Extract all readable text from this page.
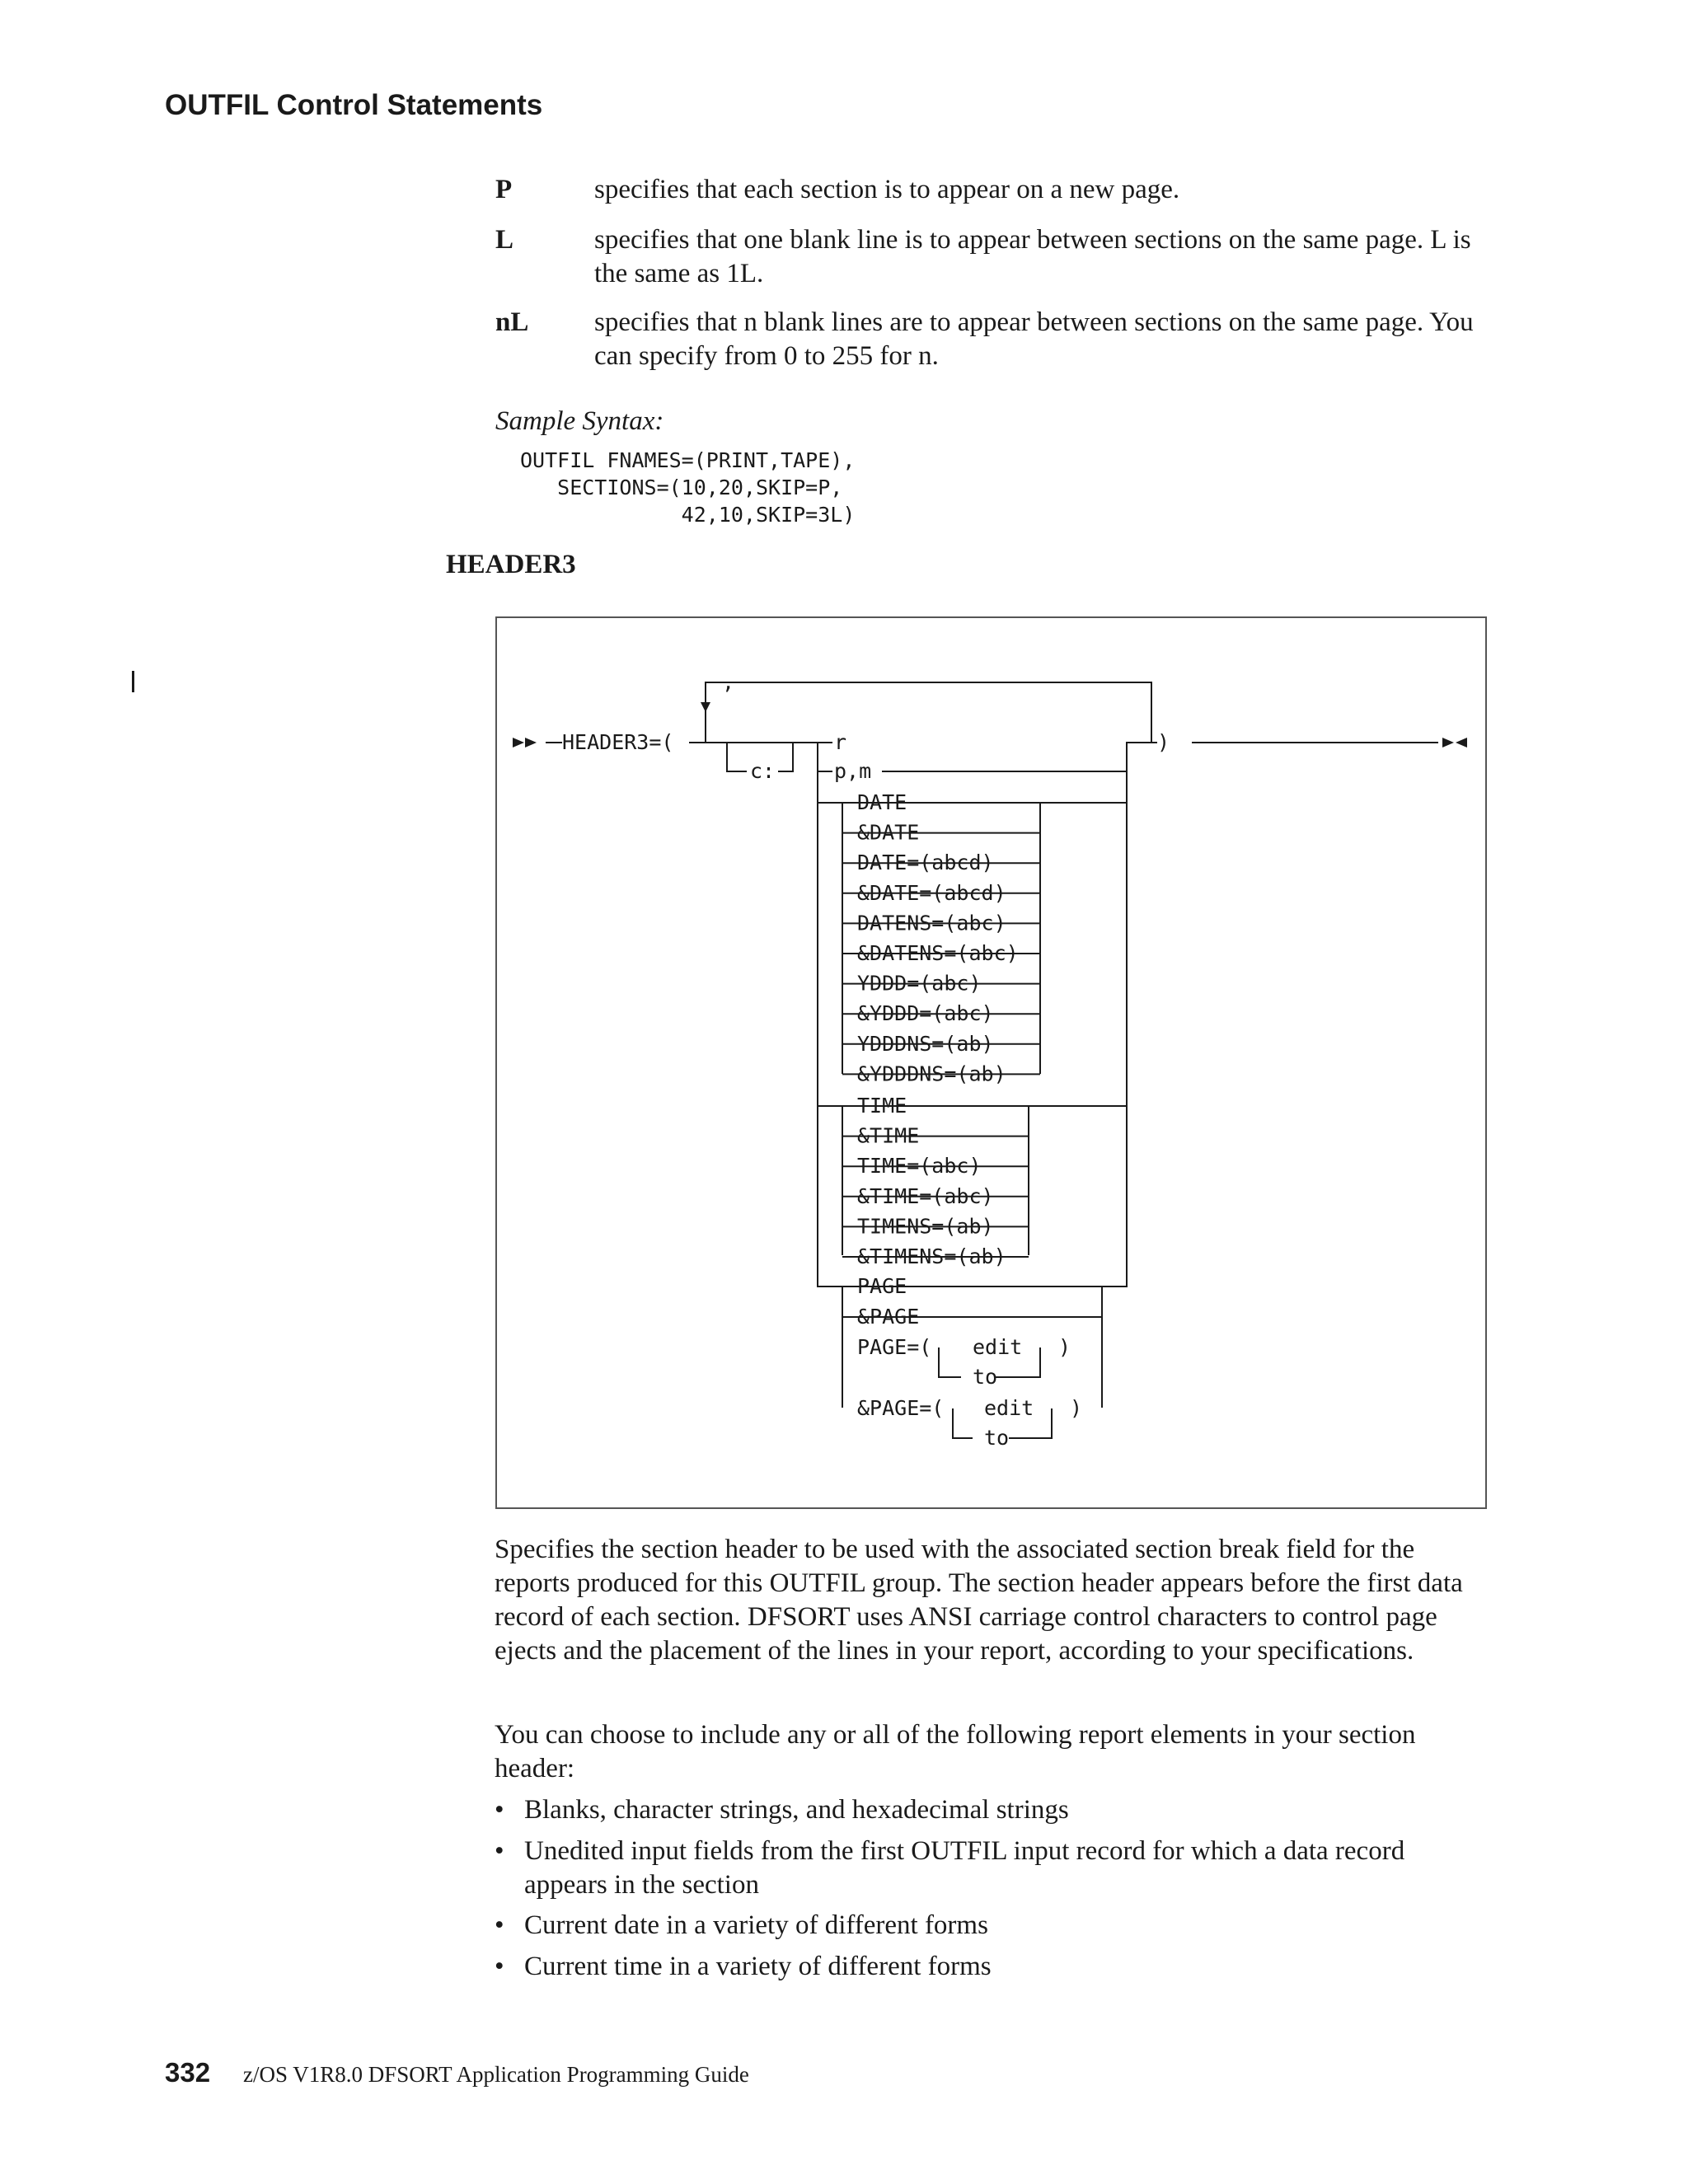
OUTFIL Control Statements
P	specifies that each section is to appear on a new page.
L	specifies that one blank line is to appear between sections on the same page. L is the same as 1L.
nL specifies that n blank lines are to appear between sections on the same page. You can specify from 0 to 255 for n.
Sample Syntax:
OUTFIL FNAMES=(PRINT,TAPE),
SECTIONS=(10,20,SKIP=P,
42,10,SKIP=3L)
HEADER3
HEADER3=(
,
c:
r
p,m
)
DATE
&DATE
DATE=(abcd)
&DATE=(abcd)
DATENS=(abc)
&DATENS=(abc)
YDDD=(abc)
&YDDD=(abc)
YDDDNS=(ab)
&YDDDNS=(ab)
TIME
&TIME
TIME=(abc)
&TIME=(abc)
TIMENS=(ab)
&TIMENS=(ab)
PAGE
&PAGE
PAGE=( edit )
to
&PAGE=( edit )
to
Specifies the section header to be used with the associated section break field for the reports produced for this OUTFIL group. The section header appears before the first data record of each section. DFSORT uses ANSI carriage control characters to control page ejects and the placement of the lines in your report, according to your specifications.
You can choose to include any or all of the following report elements in your section header:
• Blanks, character strings, and hexadecimal strings
• Unedited input fields from the first OUTFIL input record for which a data record appears in the section
• Current date in a variety of different forms
• Current time in a variety of different forms
332 z/OS V1R8.0 DFSORT Application Programming Guide
